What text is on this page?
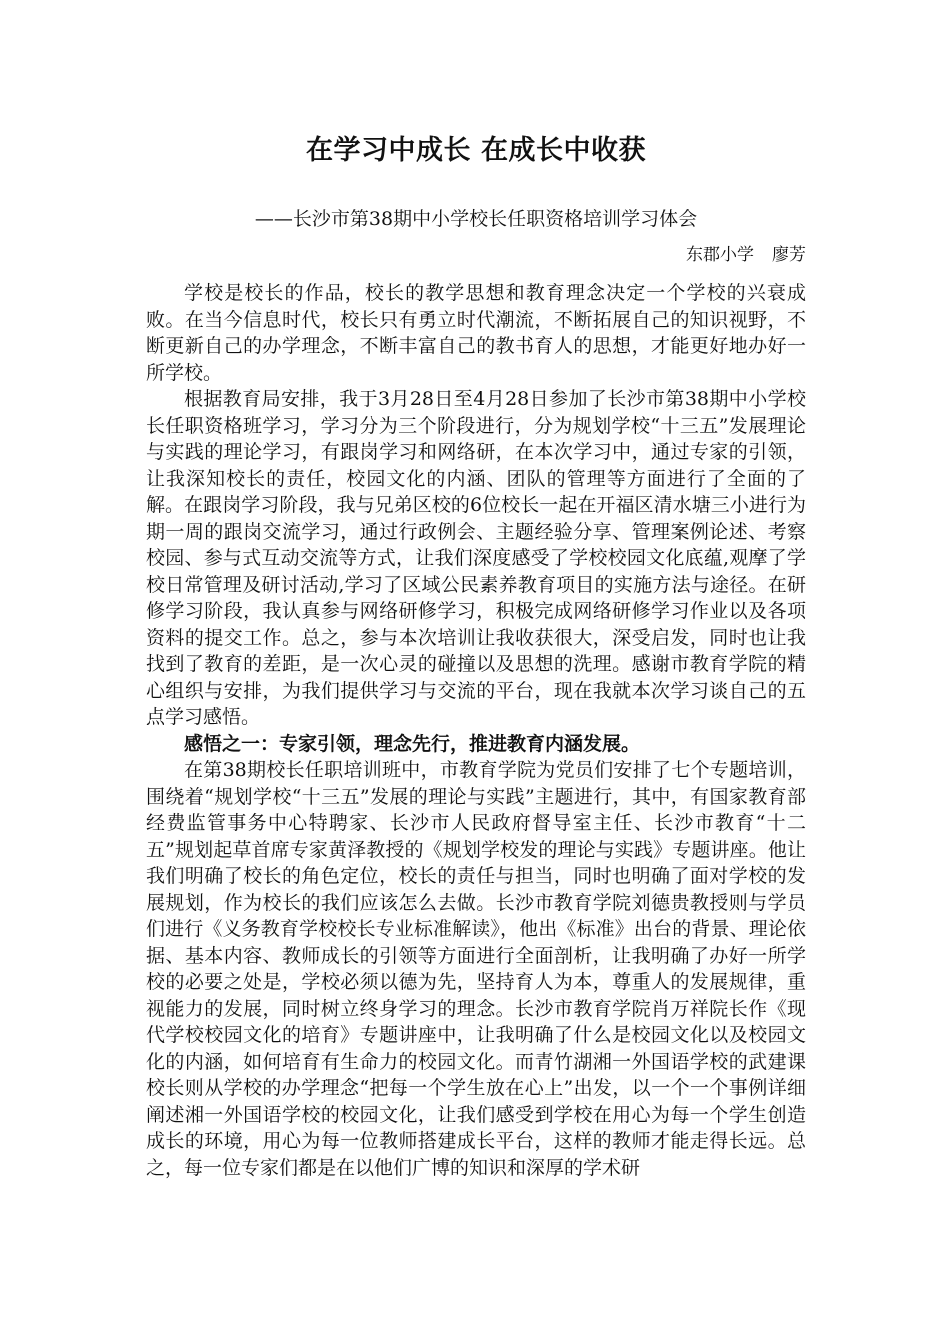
在学习中成长 在成长中收获
——长沙市第38期中小学校长任职资格培训学习体会
东郡小学 廖芳

学校是校长的作品，校长的教学思想和教育理念决定一个学校的兴衰成败。在当今信息时代，校长只有勇立时代潮流，不断拓展自己的知识视野，不断更新自己的办学理念，不断丰富自己的教书育人的思想，才能更好地办好一所学校。

根据教育局安排，我于3月28日至4月28日参加了长沙市第38期中小学校长任职资格班学习，学习分为三个阶段进行，分为规划学校“十三五”发展理论与实践的理论学习，有跟岗学习和网络研，在本次学习中，通过专家的引领，让我深知校长的责任，校园文化的内涵、团队的管理等方面进行了全面的了解。在跟岗学习阶段，我与兄弟区校的6位校长一起在开福区清水塘三小进行为期一周的跟岗交流学习，通过行政例会、主题经验分享、管理案例论述、考察校园、参与式互动交流等方式，让我们深度感受了学校校园文化底蕴,观摩了学校日常管理及研讨活动,学习了区域公民素养教育项目的实施方法与途径。在研修学习阶段，我认真参与网络研修学习，积极完成网络研修学习作业以及各项资料的提交工作。总之，参与本次培训让我收获很大，深受启发，同时也让我找到了教育的差距，是一次心灵的碰撞以及思想的洗理。感谢市教育学院的精心组织与安排，为我们提供学习与交流的平台，现在我就本次学习谈自己的五点学习感悟。

感悟之一：专家引领，理念先行，推进教育内涵发展。

在第38期校长任职培训班中，市教育学院为党员们安排了七个专题培训，围绕着“规划学校“十三五”发展的理论与实践”主题进行，其中，有国家教育部经费监管事务中心特聘家、长沙市人民政府督导室主任、长沙市教育“十二五”规划起草首席专家黄泽教授的《规划学校发的理论与实践》专题讲座。他让我们明确了校长的角色定位，校长的责任与担当，同时也明确了面对学校的发展规划，作为校长的我们应该怎么去做。长沙市教育学院刘德贵教授则与学员们进行《义务教育学校校长专业标准解读》，他出《标准》出台的背景、理论依据、基本内容、教师成长的引领等方面进行全面剖析，让我明确了办好一所学校的必要之处是，学校必须以德为先，坚持育人为本，尊重人的发展规律，重视能力的发展，同时树立终身学习的理念。长沙市教育学院肖万祥院长作《现代学校校园文化的培育》专题讲座中，让我明确了什么是校园文化以及校园文化的内涵，如何培育有生命力的校园文化。而青竹湖湘一外国语学校的武建课校长则从学校的办学理念“把每一个学生放在心上”出发，以一个一个事例详细阐述湘一外国语学校的校园文化，让我们感受到学校在用心为每一个学生创造成长的环境，用心为每一位教师搭建成长平台，这样的教师才能走得长远。总之，每一位专家们都是在以他们广博的知识和深厚的学术研
